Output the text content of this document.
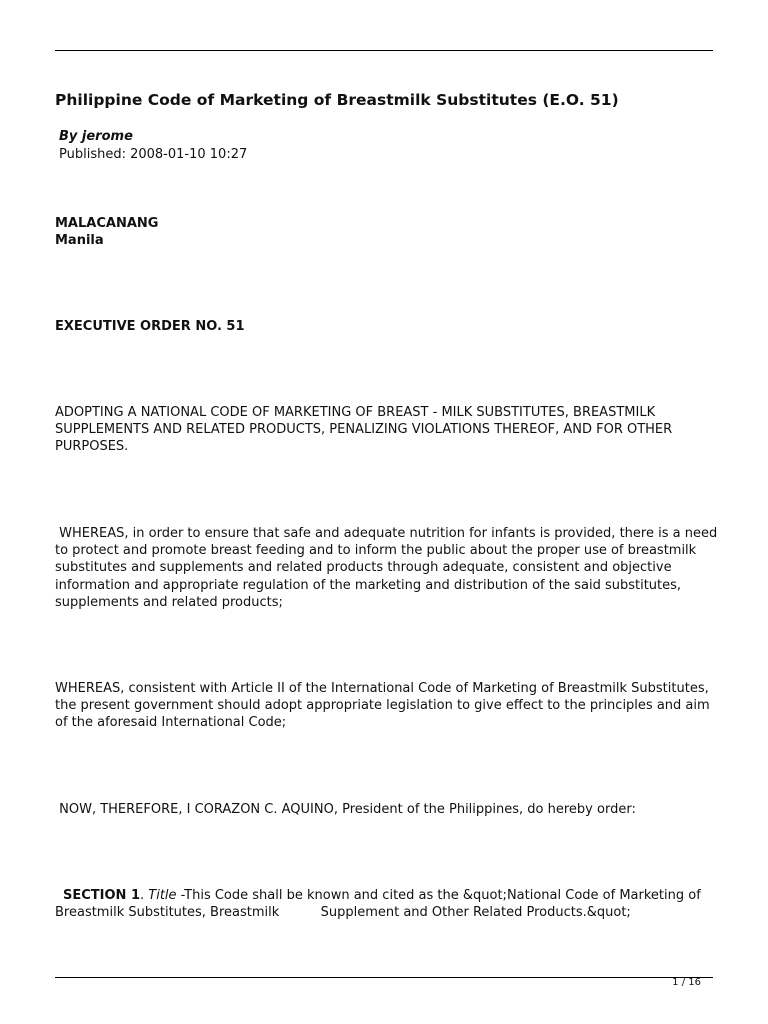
Philippine Code of Marketing of Breastmilk Substitutes (E.O. 51)
By jerome
Published: 2008-01-10 10:27
MALACANANG
Manila
EXECUTIVE ORDER NO. 51

ADOPTING A NATIONAL CODE OF MARKETING OF BREAST - MILK SUBSTITUTES, BREASTMILK SUPPLEMENTS AND RELATED PRODUCTS, PENALIZING VIOLATIONS THEREOF, AND FOR OTHER PURPOSES.

WHEREAS, in order to ensure that safe and adequate nutrition for infants is provided, there is a need to protect and promote breast feeding and to inform the public about the proper use of breastmilk substitutes and supplements and related products through adequate, consistent and objective information and appropriate regulation of the marketing and distribution of the said substitutes, supplements and related products;

WHEREAS, consistent with Article II of the International Code of Marketing of Breastmilk Substitutes, the present government should adopt appropriate legislation to give effect to the principles and aim of the aforesaid International Code;

NOW, THEREFORE, I CORAZON C. AQUINO, President of the Philippines, do hereby order:

SECTION 1. Title -This Code shall be known and cited as the &quot;National Code of Marketing of Breastmilk Substitutes, Breastmilk          Supplement and Other Related Products.&quot;

1 / 16
